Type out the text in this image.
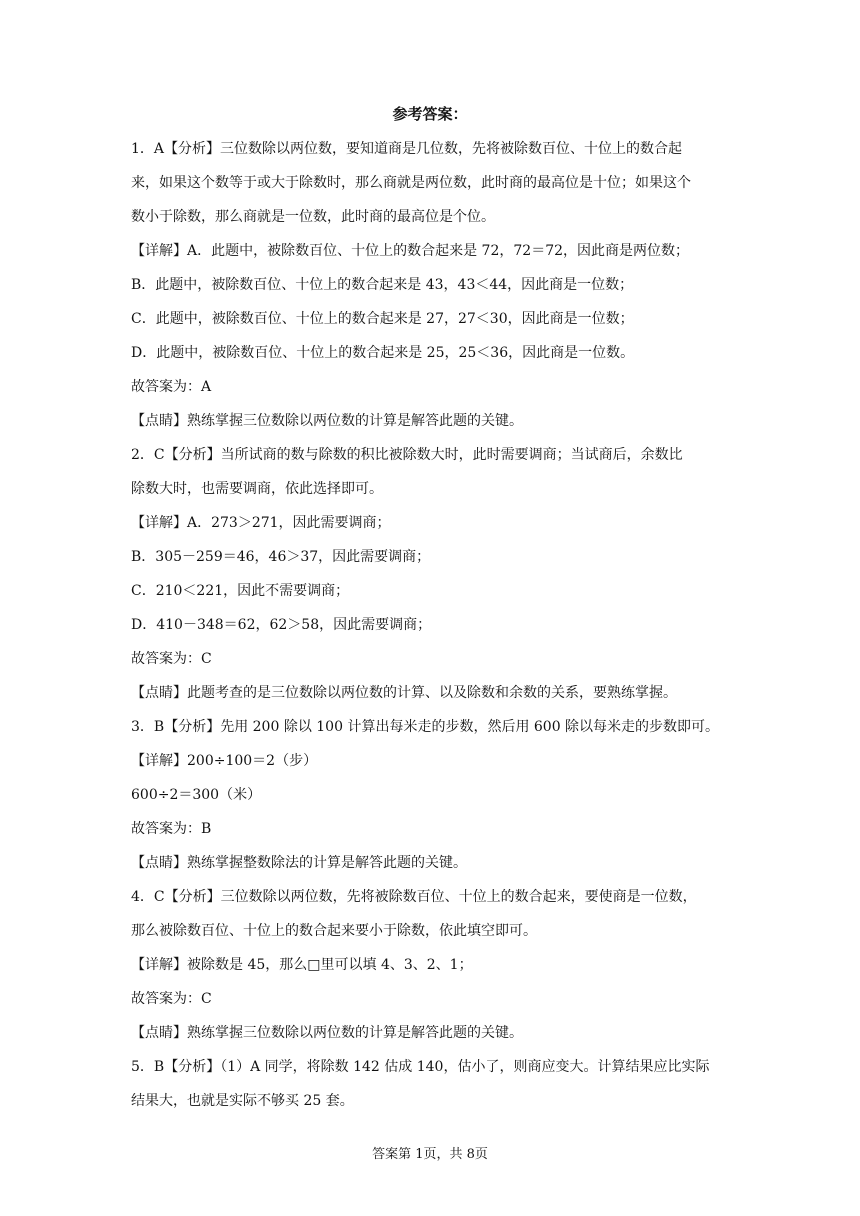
参考答案：
1．A【分析】三位数除以两位数，要知道商是几位数，先将被除数百位、十位上的数合起
来，如果这个数等于或大于除数时，那么商就是两位数，此时商的最高位是十位；如果这个
数小于除数，那么商就是一位数，此时商的最高位是个位。
【详解】A．此题中，被除数百位、十位上的数合起来是 72，72＝72，因此商是两位数；
B．此题中，被除数百位、十位上的数合起来是 43，43＜44，因此商是一位数；
C．此题中，被除数百位、十位上的数合起来是 27，27＜30，因此商是一位数；
D．此题中，被除数百位、十位上的数合起来是 25，25＜36，因此商是一位数。
故答案为：A
【点睛】熟练掌握三位数除以两位数的计算是解答此题的关键。
2．C【分析】当所试商的数与除数的积比被除数大时，此时需要调商；当试商后，余数比
除数大时，也需要调商，依此选择即可。
【详解】A．273＞271，因此需要调商；
B．305－259＝46，46＞37，因此需要调商；
C．210＜221，因此不需要调商；
D．410－348＝62，62＞58，因此需要调商；
故答案为：C
【点睛】此题考查的是三位数除以两位数的计算、以及除数和余数的关系，要熟练掌握。
3．B【分析】先用 200 除以 100 计算出每米走的步数，然后用 600 除以每米走的步数即可。
【详解】200÷100＝2（步）
600÷2＝300（米）
故答案为：B
【点睛】熟练掌握整数除法的计算是解答此题的关键。
4．C【分析】三位数除以两位数，先将被除数百位、十位上的数合起来，要使商是一位数，
那么被除数百位、十位上的数合起来要小于除数，依此填空即可。
【详解】被除数是 45，那么□里可以填 4、3、2、1；
故答案为：C
【点睛】熟练掌握三位数除以两位数的计算是解答此题的关键。
5．B【分析】（1）A 同学，将除数 142 估成 140，估小了，则商应变大。计算结果应比实际
结果大，也就是实际不够买 25 套。
答案第 1页，共 8页
